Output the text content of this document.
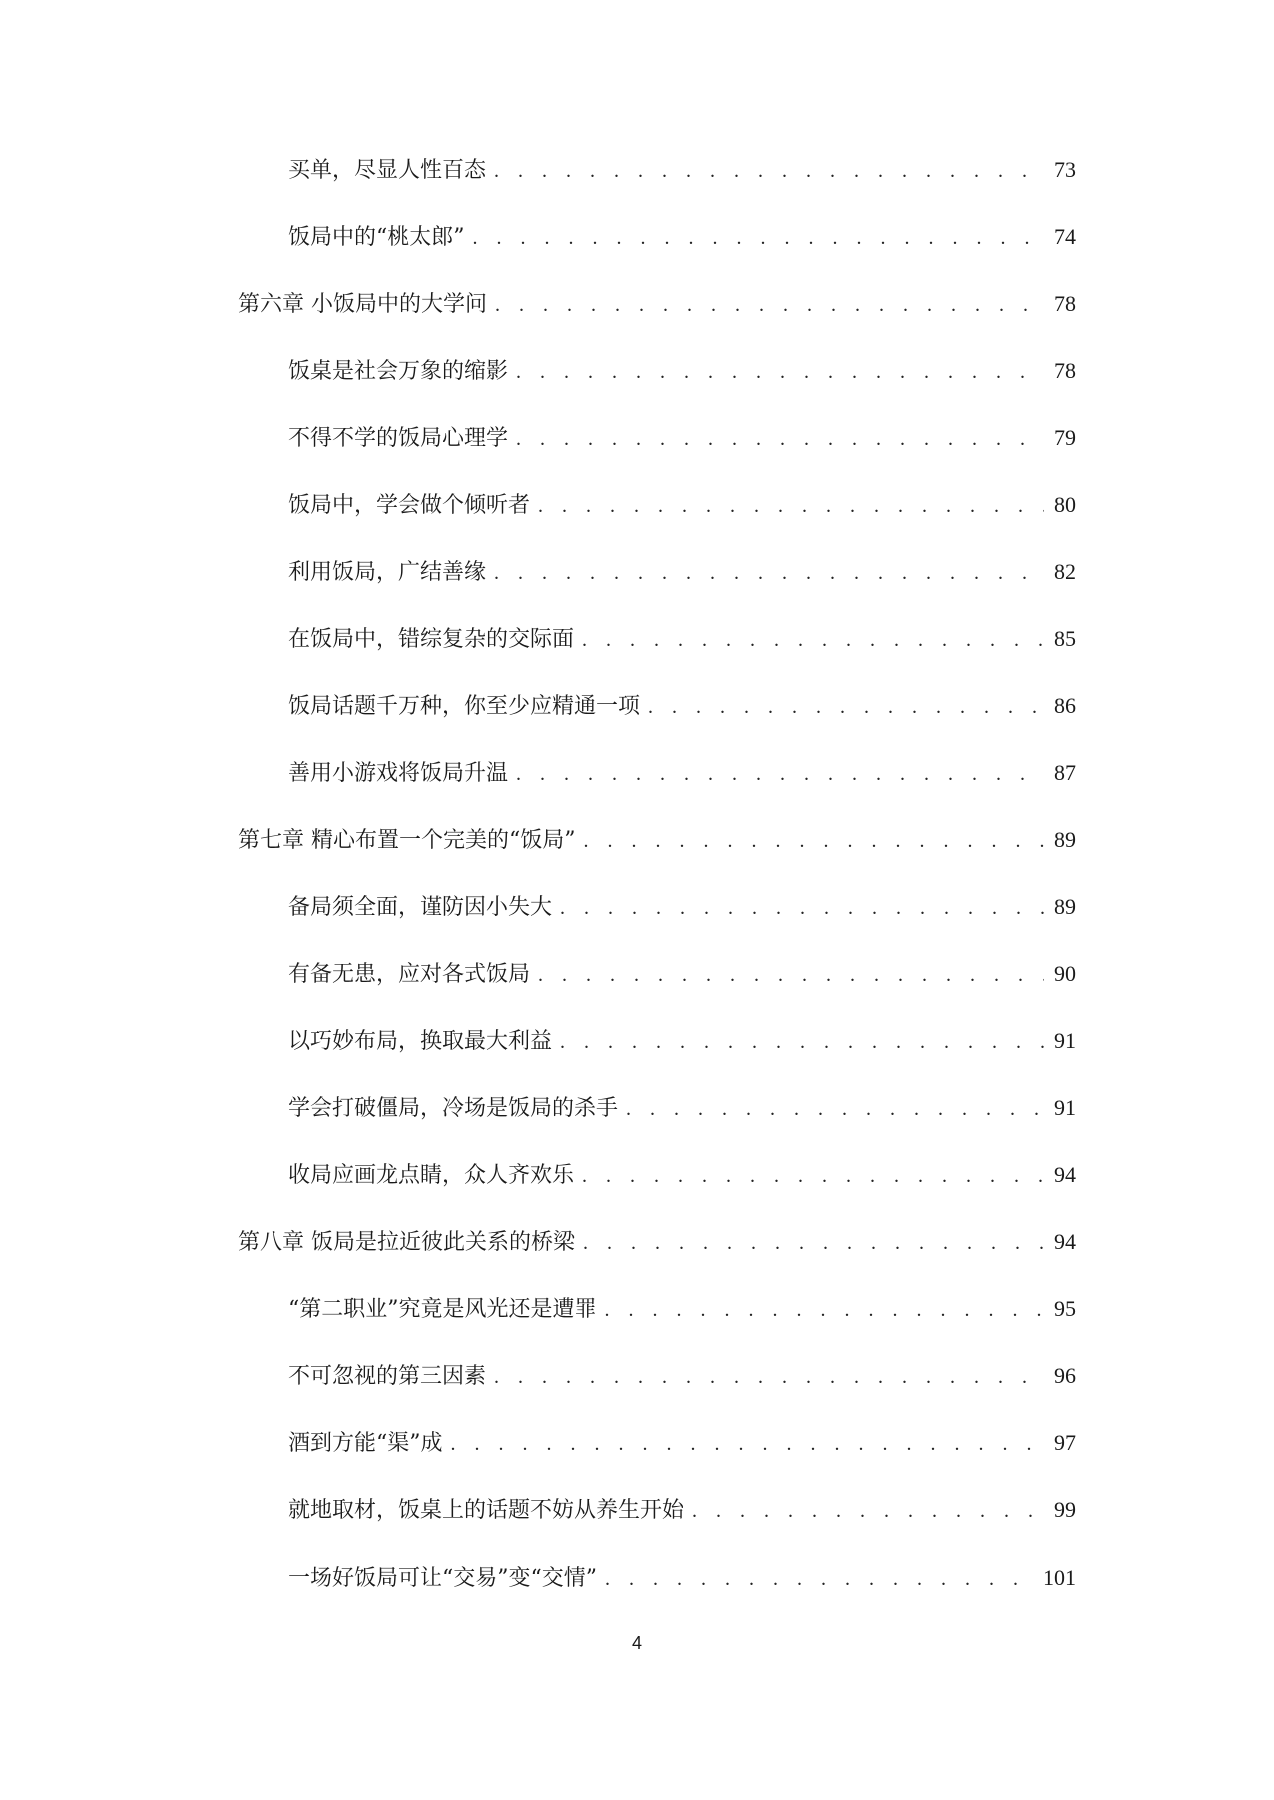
买单，尽显人性百态 . . .	73
饭局中的“桃太郎” . . .	74
第六章 小饭局中的大学问 . . .	78
饭桌是社会万象的缩影 . . .	78
不得不学的饭局心理学 . . .	79
饭局中，学会做个倾听者 . . .	80
利用饭局，广结善缘 . . .	82
在饭局中，错综复杂的交际面 . . .	85
饭局话题千万种，你至少应精通一项 . . .	86
善用小游戏将饭局升温 . . .	87
第七章 精心布置一个完美的“饭局” . . .	89
备局须全面，谨防因小失大 . . .	89
有备无患，应对各式饭局 . . .	90
以巧妙布局，换取最大利益 . . .	91
学会打破僵局，冷场是饭局的杀手 . . .	91
收局应画龙点睛，众人齐欢乐 . . .	94
第八章 饭局是拉近彼此关系的桥梁 . . .	94
“第二职业”究竟是风光还是遭罪 . . .	95
不可忽视的第三因素 . . .	96
酒到方能“渠”成 . . .	97
就地取材，饭桌上的话题不妨从养生开始 . . .	99
一场好饭局可让“交易”变“交情” . . .	101
4
